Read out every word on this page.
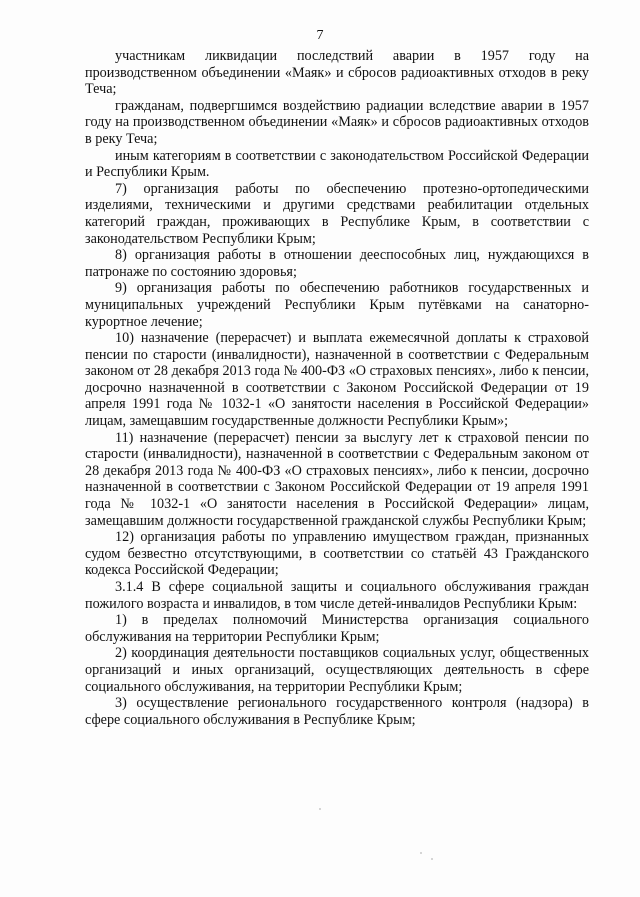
7

участникам ликвидации последствий аварии в 1957 году на производственном объединении «Маяк» и сбросов радиоактивных отходов в реку Теча;

гражданам, подвергшимся воздействию радиации вследствие аварии в 1957 году на производственном объединении «Маяк» и сбросов радиоактивных отходов в реку Теча;

иным категориям в соответствии с законодательством Российской Федерации и Республики Крым.

7) организация работы по обеспечению протезно-ортопедическими изделиями, техническими и другими средствами реабилитации отдельных категорий граждан, проживающих в Республике Крым, в соответствии с законодательством Республики Крым;

8) организация работы в отношении дееспособных лиц, нуждающихся в патронаже по состоянию здоровья;

9) организация работы по обеспечению работников государственных и муниципальных учреждений Республики Крым путёвками на санаторно-курортное лечение;

10) назначение (перерасчет) и выплата ежемесячной доплаты к страховой пенсии по старости (инвалидности), назначенной в соответствии с Федеральным законом от 28 декабря 2013 года № 400-ФЗ «О страховых пенсиях», либо к пенсии, досрочно назначенной в соответствии с Законом Российской Федерации от 19 апреля 1991 года № 1032-1 «О занятости населения в Российской Федерации» лицам, замещавшим государственные должности Республики Крым»;

11) назначение (перерасчет) пенсии за выслугу лет к страховой пенсии по старости (инвалидности), назначенной в соответствии с Федеральным законом от 28 декабря 2013 года № 400-ФЗ «О страховых пенсиях», либо к пенсии, досрочно назначенной в соответствии с Законом Российской Федерации от 19 апреля 1991 года № 1032-1 «О занятости населения в Российской Федерации» лицам, замещавшим должности государственной гражданской службы Республики Крым;

12) организация работы по управлению имуществом граждан, признанных судом безвестно отсутствующими, в соответствии со статьёй 43 Гражданского кодекса Российской Федерации;

3.1.4 В сфере социальной защиты и социального обслуживания граждан пожилого возраста и инвалидов, в том числе детей-инвалидов Республики Крым:

1) в пределах полномочий Министерства организация социального обслуживания на территории Республики Крым;

2) координация деятельности поставщиков социальных услуг, общественных организаций и иных организаций, осуществляющих деятельность в сфере социального обслуживания, на территории Республики Крым;

3) осуществление регионального государственного контроля (надзора) в сфере социального обслуживания в Республике Крым;
